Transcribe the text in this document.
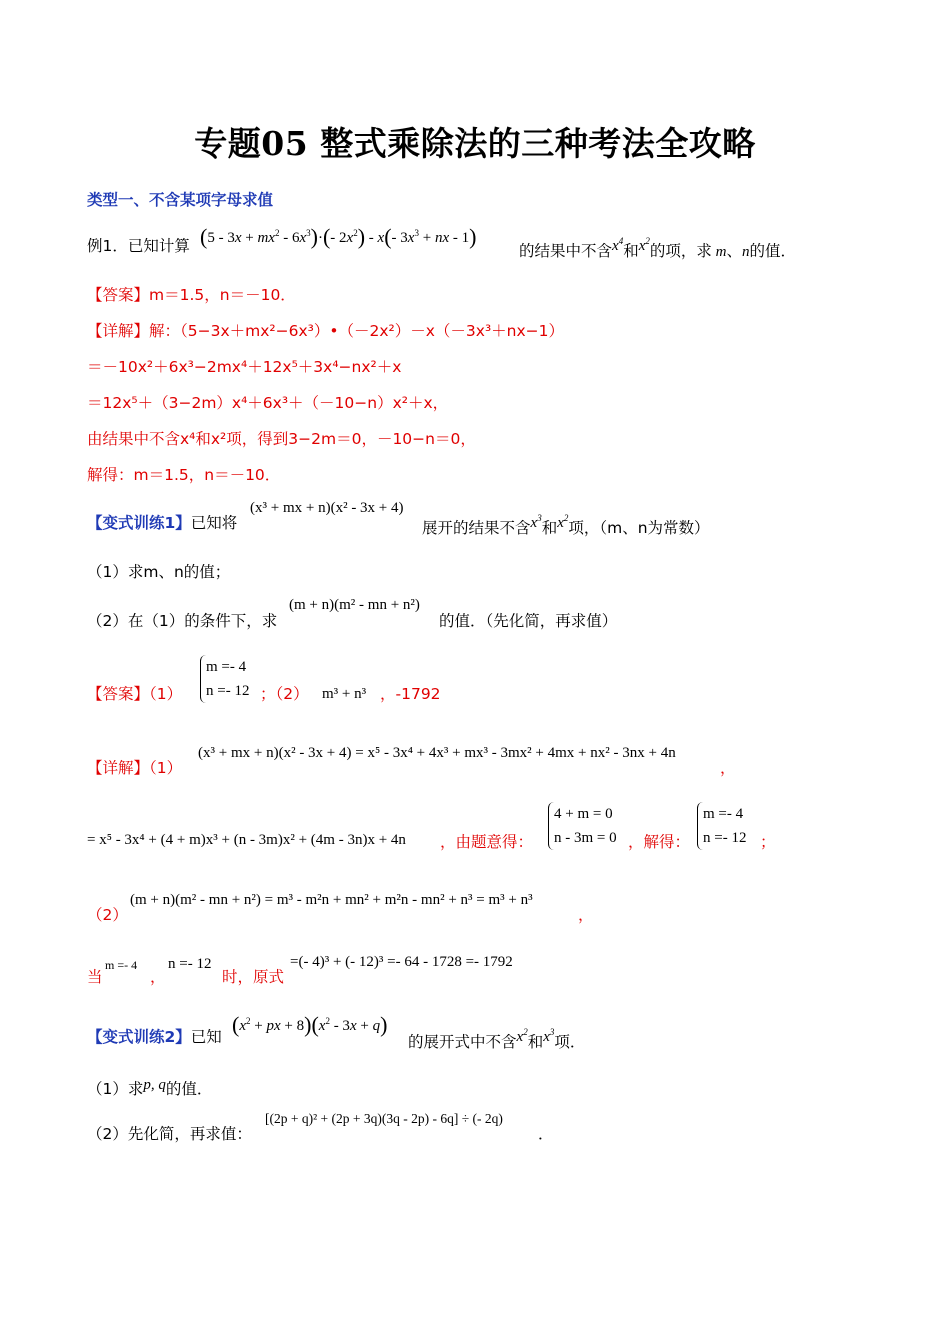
专题05 整式乘除法的三种考法全攻略
类型一、不含某项字母求值
例1．已知计算 $(5 - 3x + mx^2 - 6x^3)\cdot(-$ $2x^2) - x(-$ $3x^3$ + nx - 1)
的结果中不含$x^4$和$x^2$的项，求 m、n的值．
【答案】m＝1.5，n＝－10．
【详解】解：（5−3x＋mx²−6x³）•（－2x²）－x（－3x³＋nx−1）
＝－10x²＋6x³−2mx⁴＋12x⁵＋3x⁴−nx²＋x
＝12x⁵＋（3−2m）x⁴＋6x³＋（－10−n）x²＋x，
由结果中不含x⁴和x²项，得到3−2m＝0，－10−n＝0，
解得：m＝1.5，n＝－10．
【变式训练1】已知将
(x³ + mx + n)(x² - 3x + 4)
展开的结果不含$x^3$和$x^2$项，（m、n为常数）
（1）求m、n的值；
（2）在（1）的条件下，求
(m + n)(m² - mn + n²)
的值．（先化简，再求值）
【答案】（1）
m =- 4
n =- 12 ；（2） m³ + n³ ，-1792
【详解】（1）
(x³ + mx + n)(x² - 3x + 4) = x⁵ - 3x⁴ + 4x³ + mx³ - 3mx² + 4mx + nx² - 3nx + 4n
，
= x⁵ - 3x⁴ + (4 + m)x³ + (n - 3m)x² + (4m - 3n)x + 4n ，由题意得：
4 + m = 0
n - 3m = 0 ，解得：
m =- 4
n =- 12 ；
（2）
(m + n)(m² - mn + n²) = m³ - m²n + mn² + m²n - mn² + n³ = m³ + n³
，
当
m =- 4
，
n =- 12
时，原式
=(- 4)³ + (- 12)³ =- 64 - 1728 =- 1792
【变式训练2】已知 ($x^2$ + px + $8)(x^2 - 3x + q)$
的展开式中不含$x^2$和$x^3$项．
（1）求p, q的值．
（2）先化简，再求值：
[(2p + q)² + (2p + 3q)(3q - 2p) - 6q] ÷ (- 2q)
．
